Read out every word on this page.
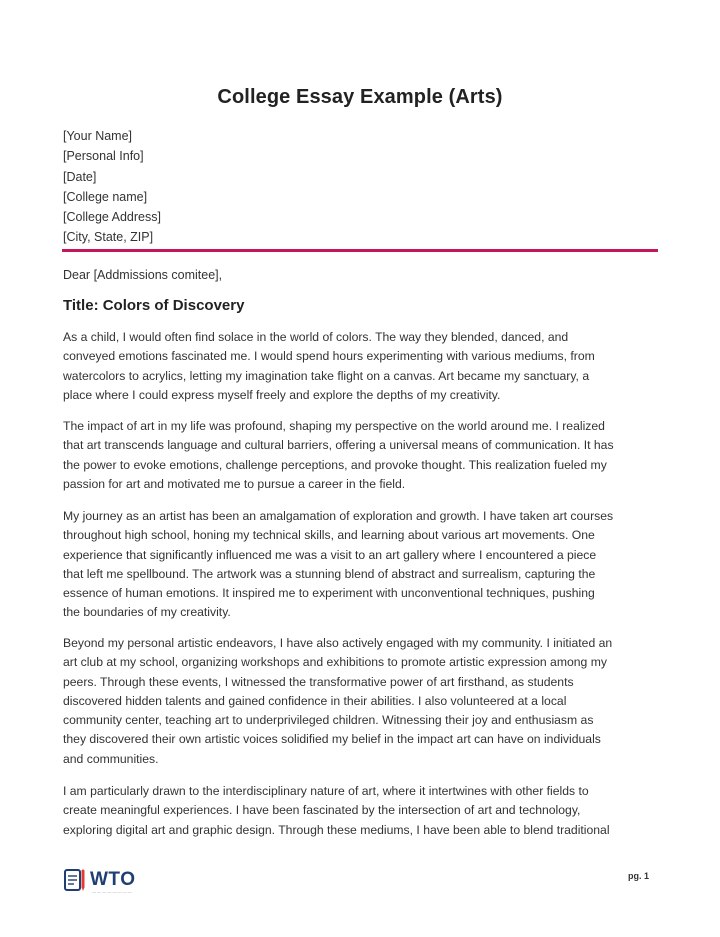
College Essay Example (Arts)
[Your Name]
[Personal Info]
[Date]
[College name]
[College Address]
[City, State, ZIP]
Dear [Addmissions comitee],
Title: Colors of Discovery
As a child, I would often find solace in the world of colors. The way they blended, danced, and
conveyed emotions fascinated me. I would spend hours experimenting with various mediums, from
watercolors to acrylics, letting my imagination take flight on a canvas. Art became my sanctuary, a
place where I could express myself freely and explore the depths of my creativity.
The impact of art in my life was profound, shaping my perspective on the world around me. I realized
that art transcends language and cultural barriers, offering a universal means of communication. It has
the power to evoke emotions, challenge perceptions, and provoke thought. This realization fueled my
passion for art and motivated me to pursue a career in the field.
My journey as an artist has been an amalgamation of exploration and growth. I have taken art courses
throughout high school, honing my technical skills, and learning about various art movements. One
experience that significantly influenced me was a visit to an art gallery where I encountered a piece
that left me spellbound. The artwork was a stunning blend of abstract and surrealism, capturing the
essence of human emotions. It inspired me to experiment with unconventional techniques, pushing
the boundaries of my creativity.
Beyond my personal artistic endeavors, I have also actively engaged with my community. I initiated an
art club at my school, organizing workshops and exhibitions to promote artistic expression among my
peers. Through these events, I witnessed the transformative power of art firsthand, as students
discovered hidden talents and gained confidence in their abilities. I also volunteered at a local
community center, teaching art to underprivileged children. Witnessing their joy and enthusiasm as
they discovered their own artistic voices solidified my belief in the impact art can have on individuals
and communities.
I am particularly drawn to the interdisciplinary nature of art, where it intertwines with other fields to
create meaningful experiences. I have been fascinated by the intersection of art and technology,
exploring digital art and graphic design. Through these mediums, I have been able to blend traditional
WTO
— — — — — — — —
pg. 1
